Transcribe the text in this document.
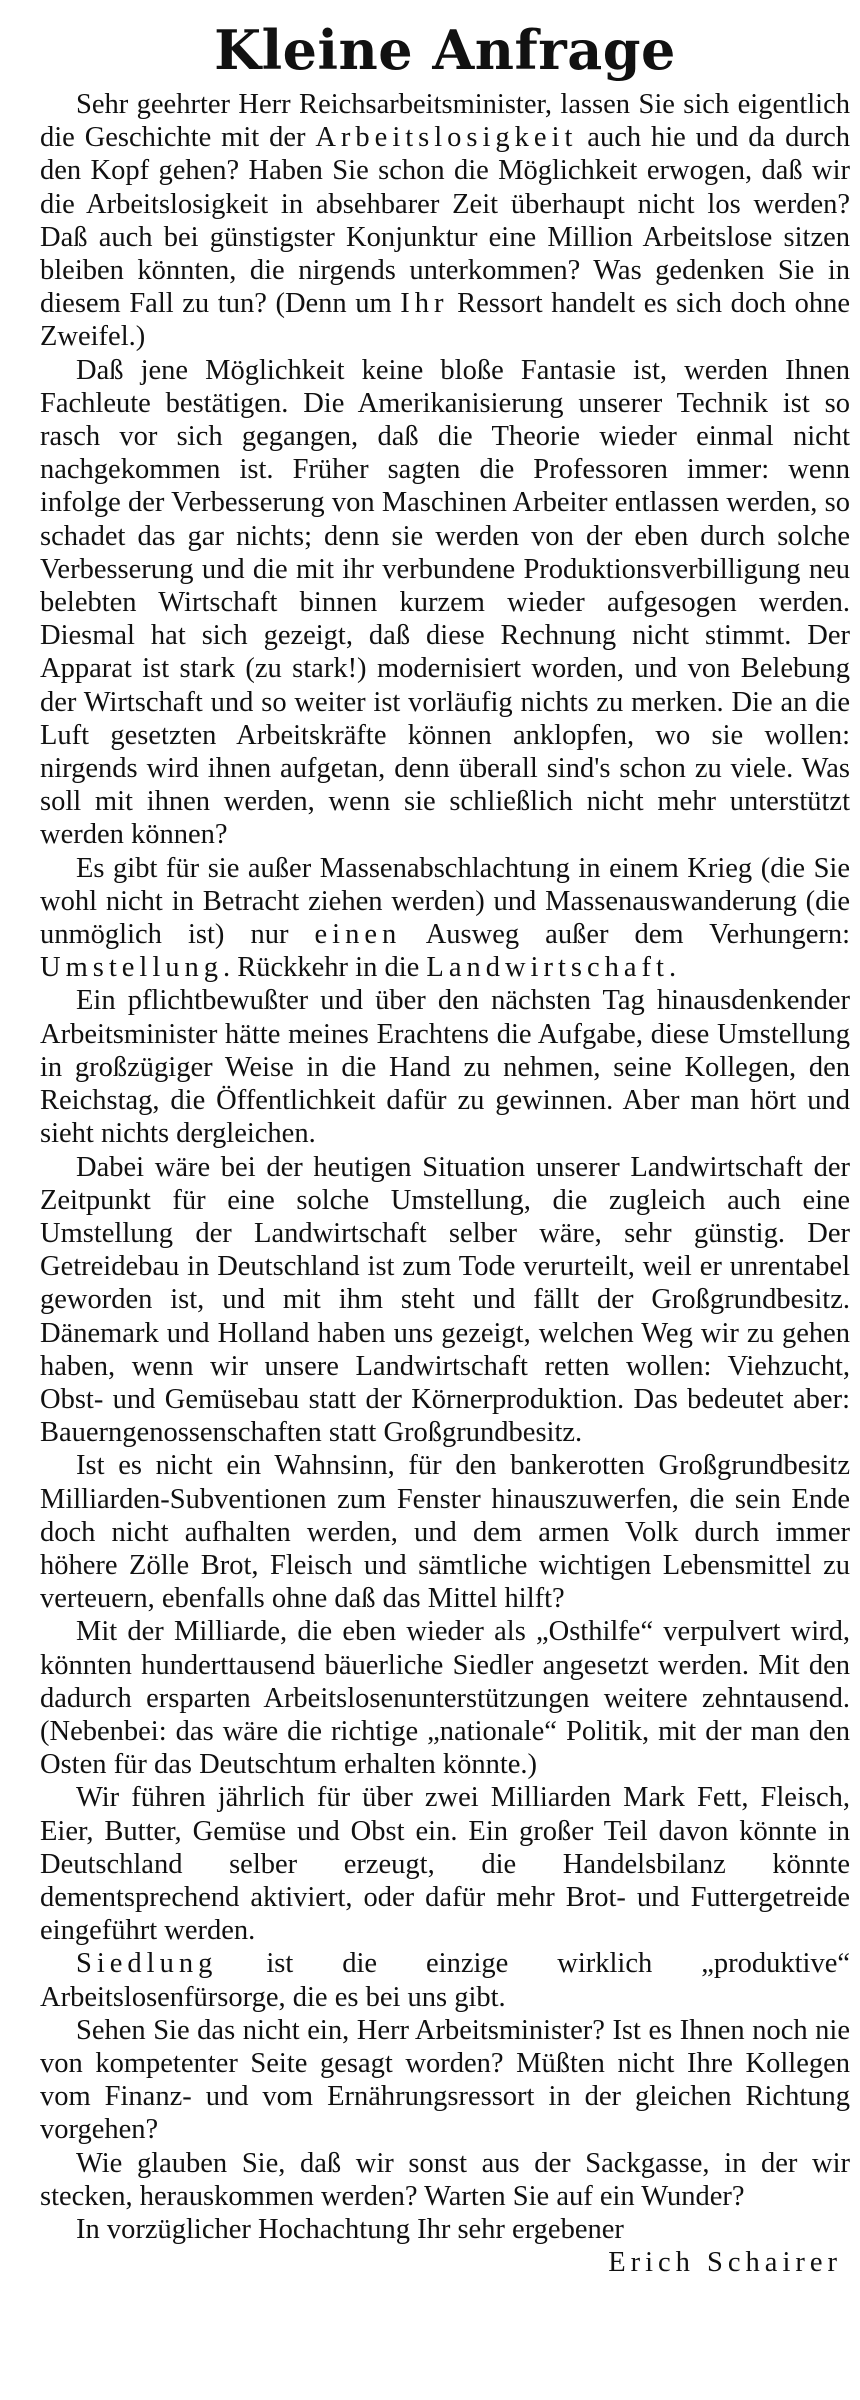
Kleine Anfrage

Sehr geehrter Herr Reichsarbeitsminister, lassen Sie sich eigentlich die Geschichte mit der Arbeitslosigkeit auch hie und da durch den Kopf gehen? Haben Sie schon die Möglichkeit erwogen, daß wir die Arbeitslosigkeit in absehbarer Zeit überhaupt nicht los werden? Daß auch bei günstigster Konjunktur eine Million Arbeitslose sitzen bleiben könnten, die nirgends unterkommen? Was gedenken Sie in diesem Fall zu tun? (Denn um Ihr Ressort handelt es sich doch ohne Zweifel.)

Daß jene Möglichkeit keine bloße Fantasie ist, werden Ihnen Fachleute bestätigen. Die Amerikanisierung unserer Technik ist so rasch vor sich gegangen, daß die Theorie wieder einmal nicht nachgekommen ist. Früher sagten die Professoren immer: wenn infolge der Verbesserung von Maschinen Arbeiter entlassen werden, so schadet das gar nichts; denn sie werden von der eben durch solche Verbesserung und die mit ihr verbundene Produktionsverbilligung neu belebten Wirtschaft binnen kurzem wieder aufgesogen werden. Diesmal hat sich gezeigt, daß diese Rechnung nicht stimmt. Der Apparat ist stark (zu stark!) modernisiert worden, und von Belebung der Wirtschaft und so weiter ist vorläufig nichts zu merken. Die an die Luft gesetzten Arbeitskräfte können anklopfen, wo sie wollen: nirgends wird ihnen aufgetan, denn überall sind's schon zu viele. Was soll mit ihnen werden, wenn sie schließlich nicht mehr unterstützt werden können?

Es gibt für sie außer Massenabschlachtung in einem Krieg (die Sie wohl nicht in Betracht ziehen werden) und Massenauswanderung (die unmöglich ist) nur einen Ausweg außer dem Verhungern: Umstellung. Rückkehr in die Landwirtschaft.

Ein pflichtbewußter und über den nächsten Tag hinausdenkender Arbeitsminister hätte meines Erachtens die Aufgabe, diese Umstellung in großzügiger Weise in die Hand zu nehmen, seine Kollegen, den Reichstag, die Öffentlichkeit dafür zu gewinnen. Aber man hört und sieht nichts dergleichen.

Dabei wäre bei der heutigen Situation unserer Landwirtschaft der Zeitpunkt für eine solche Umstellung, die zugleich auch eine Umstellung der Landwirtschaft selber wäre, sehr günstig. Der Getreidebau in Deutschland ist zum Tode verurteilt, weil er unrentabel geworden ist, und mit ihm steht und fällt der Großgrundbesitz. Dänemark und Holland haben uns gezeigt, welchen Weg wir zu gehen haben, wenn wir unsere Landwirtschaft retten wollen: Viehzucht, Obst- und Gemüsebau statt der Körnerproduktion. Das bedeutet aber: Bauerngenossenschaften statt Großgrundbesitz.

Ist es nicht ein Wahnsinn, für den bankerotten Großgrundbesitz Milliarden-Subventionen zum Fenster hinauszuwerfen, die sein Ende doch nicht aufhalten werden, und dem armen Volk durch immer höhere Zölle Brot, Fleisch und sämtliche wichtigen Lebensmittel zu verteuern, ebenfalls ohne daß das Mittel hilft?

Mit der Milliarde, die eben wieder als „Osthilfe“ verpulvert wird, könnten hunderttausend bäuerliche Siedler angesetzt werden. Mit den dadurch ersparten Arbeitslosenunterstützungen weitere zehntausend. (Nebenbei: das wäre die richtige „nationale“ Politik, mit der man den Osten für das Deutschtum erhalten könnte.)

Wir führen jährlich für über zwei Milliarden Mark Fett, Fleisch, Eier, Butter, Gemüse und Obst ein. Ein großer Teil davon könnte in Deutschland selber erzeugt, die Handelsbilanz könnte dementsprechend aktiviert, oder dafür mehr Brot- und Futtergetreide eingeführt werden.

Siedlung ist die einzige wirklich „produktive“ Arbeitslosenfürsorge, die es bei uns gibt.

Sehen Sie das nicht ein, Herr Arbeitsminister? Ist es Ihnen noch nie von kompetenter Seite gesagt worden? Müßten nicht Ihre Kollegen vom Finanz- und vom Ernährungsressort in der gleichen Richtung vorgehen?

Wie glauben Sie, daß wir sonst aus der Sackgasse, in der wir stecken, herauskommen werden? Warten Sie auf ein Wunder?

In vorzüglicher Hochachtung Ihr sehr ergebener

Erich Schairer
